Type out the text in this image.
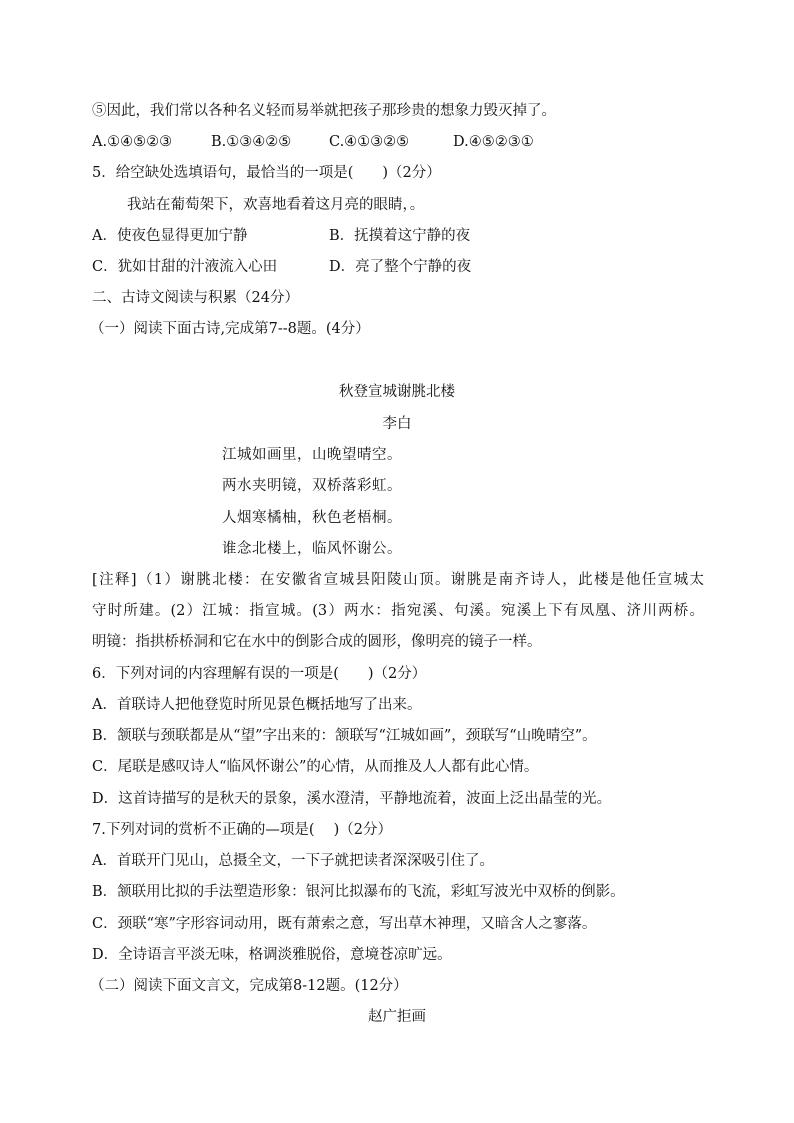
⑤因此，我们常以各种名义轻而易举就把孩子那珍贵的想象力毁灭掉了。
A.①④⑤②③	B.①③④②⑤	C.④①③②⑤	D.④⑤②③①
5．给空缺处选填语句，最恰当的一项是(　　)（2分）
我站在葡萄架下，欢喜地看着这月亮的眼睛，。
A．使夜色显得更加宁静	B．抚摸着这宁静的夜
C．犹如甘甜的汁液流入心田	D．亮了整个宁静的夜
二、古诗文阅读与积累（24分）
（一）阅读下面古诗,完成第7--8题。(4分）
秋登宣城谢朓北楼
李白
江城如画里，山晚望晴空。
两水夹明镜，双桥落彩虹。
人烟寒橘柚，秋色老梧桐。
谁念北楼上，临风怀谢公。
[注释]（1）谢朓北楼：在安徽省宣城县阳陵山顶。谢朓是南齐诗人，此楼是他任宣城太
守时所建。(2）江城：指宣城。(3）两水：指宛溪、句溪。宛溪上下有凤凰、济川两桥。
明镜：指拱桥桥洞和它在水中的倒影合成的圆形，像明亮的镜子一样。
6．下列对词的内容理解有误的一项是(　　)（2分）
A．首联诗人把他登览时所见景色概括地写了出来。
B．颔联与颈联都是从“望”字出来的：颔联写“江城如画”，颈联写“山晚晴空”。
C．尾联是感叹诗人“临风怀谢公”的心情，从而推及人人都有此心情。
D．这首诗描写的是秋天的景象，溪水澄清，平静地流着，波面上泛出晶莹的光。
7.下列对词的赏析不正确的—项是(　 )（2分）
A．首联开门见山，总摄全文，一下子就把读者深深吸引住了。
B．颔联用比拟的手法塑造形象：银河比拟瀑布的飞流，彩虹写波光中双桥的倒影。
C．颈联“寒”字形容词动用，既有萧索之意，写出草木神理，又暗含人之寥落。
D．全诗语言平淡无味，格调淡雅脱俗，意境苍凉旷远。
（二）阅读下面文言文，完成第8-12题。(12分）
赵广拒画
